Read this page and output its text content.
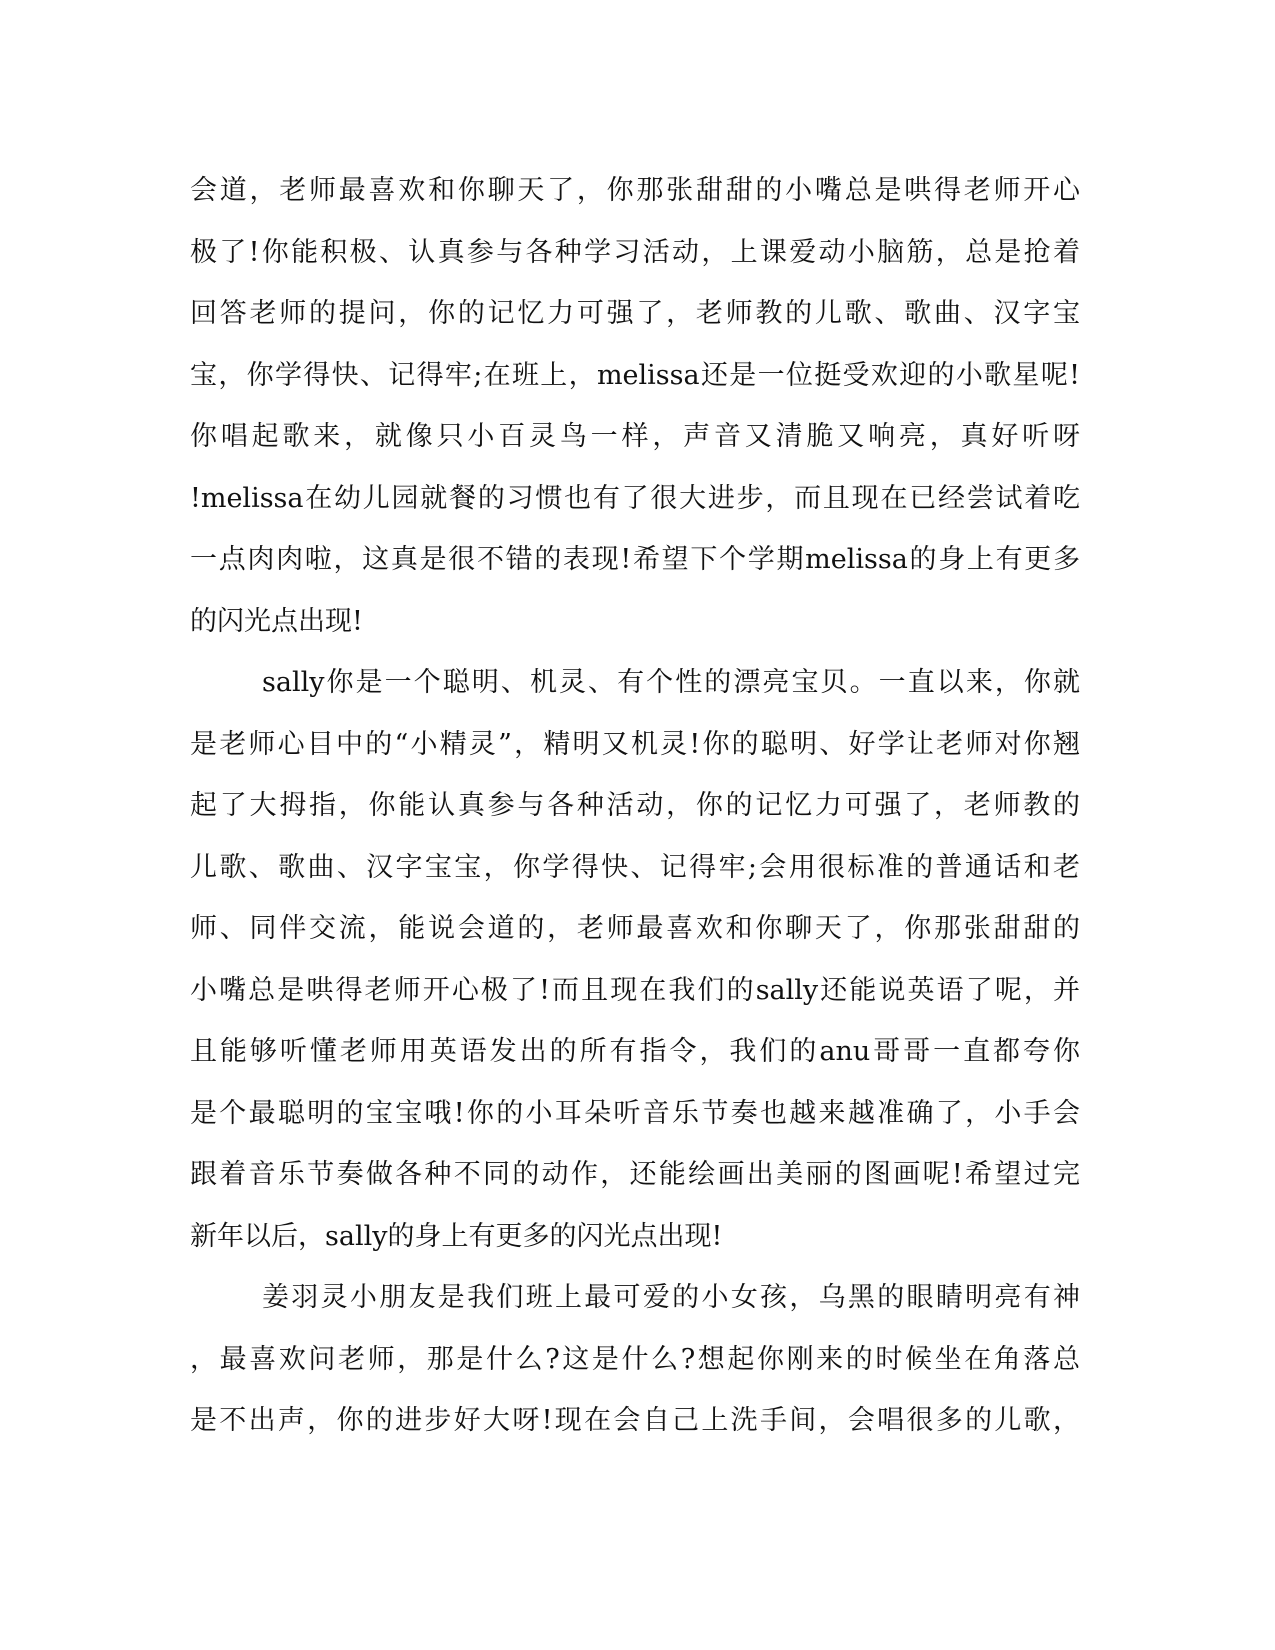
会道，老师最喜欢和你聊天了，你那张甜甜的小嘴总是哄得老师开心
极了!你能积极、认真参与各种学习活动，上课爱动小脑筋，总是抢着
回答老师的提问，你的记忆力可强了，老师教的儿歌、歌曲、汉字宝
宝，你学得快、记得牢;在班上，melissa还是一位挺受欢迎的小歌星呢!
你唱起歌来，就像只小百灵鸟一样，声音又清脆又响亮，真好听呀
!melissa在幼儿园就餐的习惯也有了很大进步，而且现在已经尝试着吃
一点肉肉啦，这真是很不错的表现!希望下个学期melissa的身上有更多
的闪光点出现!
sally你是一个聪明、机灵、有个性的漂亮宝贝。一直以来，你就
是老师心目中的“小精灵”，精明又机灵!你的聪明、好学让老师对你翘
起了大拇指，你能认真参与各种活动，你的记忆力可强了，老师教的
儿歌、歌曲、汉字宝宝，你学得快、记得牢;会用很标准的普通话和老
师、同伴交流，能说会道的，老师最喜欢和你聊天了，你那张甜甜的
小嘴总是哄得老师开心极了!而且现在我们的sally还能说英语了呢，并
且能够听懂老师用英语发出的所有指令，我们的anu哥哥一直都夸你
是个最聪明的宝宝哦!你的小耳朵听音乐节奏也越来越准确了，小手会
跟着音乐节奏做各种不同的动作，还能绘画出美丽的图画呢!希望过完
新年以后，sally的身上有更多的闪光点出现!
姜羽灵小朋友是我们班上最可爱的小女孩，乌黑的眼睛明亮有神
，最喜欢问老师，那是什么?这是什么?想起你刚来的时候坐在角落总
是不出声，你的进步好大呀!现在会自己上洗手间，会唱很多的儿歌，
